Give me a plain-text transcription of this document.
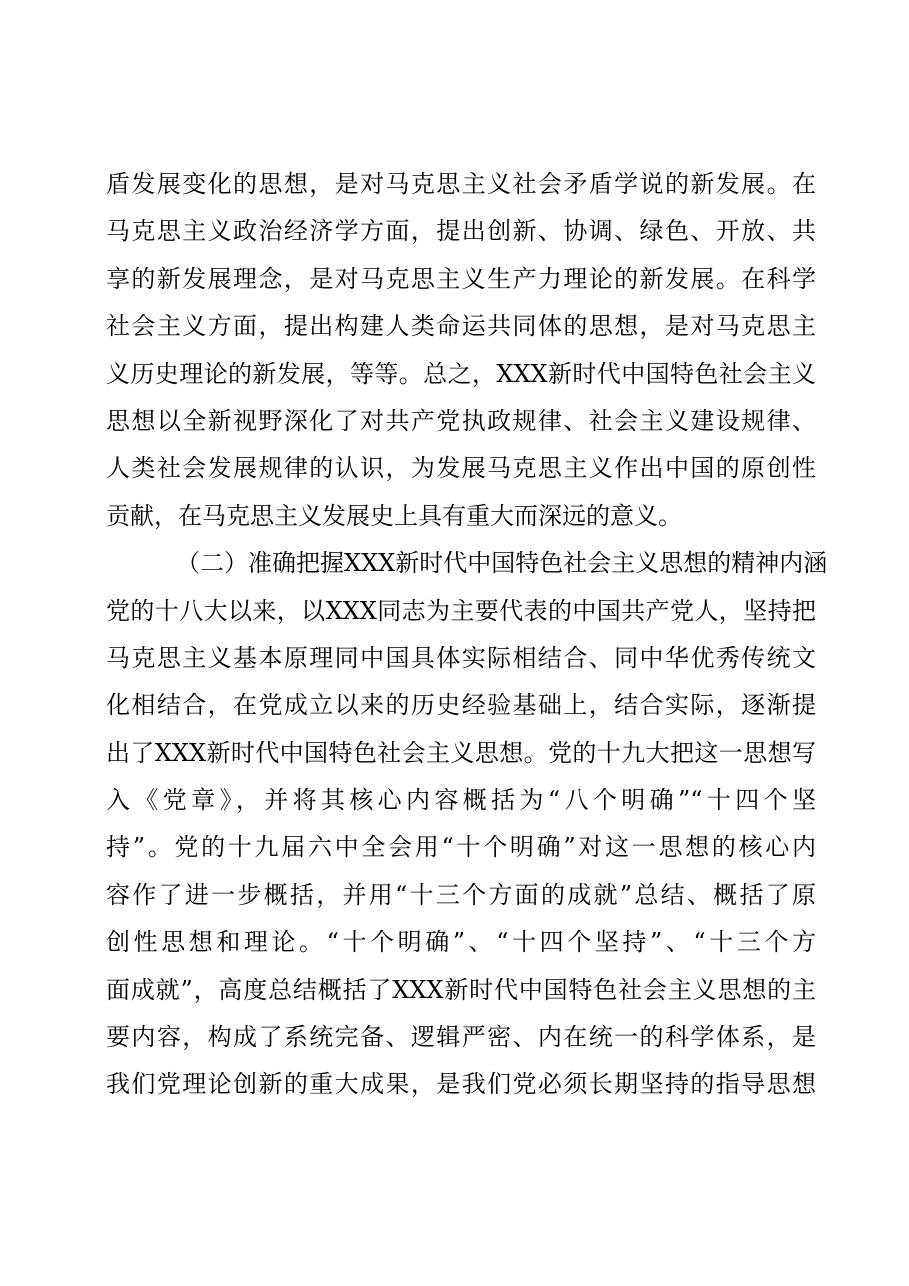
盾发展变化的思想，是对马克思主义社会矛盾学说的新发展。在
马克思主义政治经济学方面，提出创新、协调、绿色、开放、共
享的新发展理念，是对马克思主义生产力理论的新发展。在科学
社会主义方面，提出构建人类命运共同体的思想，是对马克思主
义历史理论的新发展，等等。总之，XXX新时代中国特色社会主义
思想以全新视野深化了对共产党执政规律、社会主义建设规律、
人类社会发展规律的认识，为发展马克思主义作出中国的原创性
贡献，在马克思主义发展史上具有重大而深远的意义。
（二）准确把握XXX新时代中国特色社会主义思想的精神内涵
党的十八大以来，以XXX同志为主要代表的中国共产党人，坚持把
马克思主义基本原理同中国具体实际相结合、同中华优秀传统文
化相结合，在党成立以来的历史经验基础上，结合实际，逐渐提
出了XXX新时代中国特色社会主义思想。党的十九大把这一思想写
入《党章》，并将其核心内容概括为“八个明确”“十四个坚
持”。党的十九届六中全会用“十个明确”对这一思想的核心内
容作了进一步概括，并用“十三个方面的成就”总结、概括了原
创性思想和理论。“十个明确”、“十四个坚持”、“十三个方
面成就”，高度总结概括了XXX新时代中国特色社会主义思想的主
要内容，构成了系统完备、逻辑严密、内在统一的科学体系，是
我们党理论创新的重大成果，是我们党必须长期坚持的指导思想
